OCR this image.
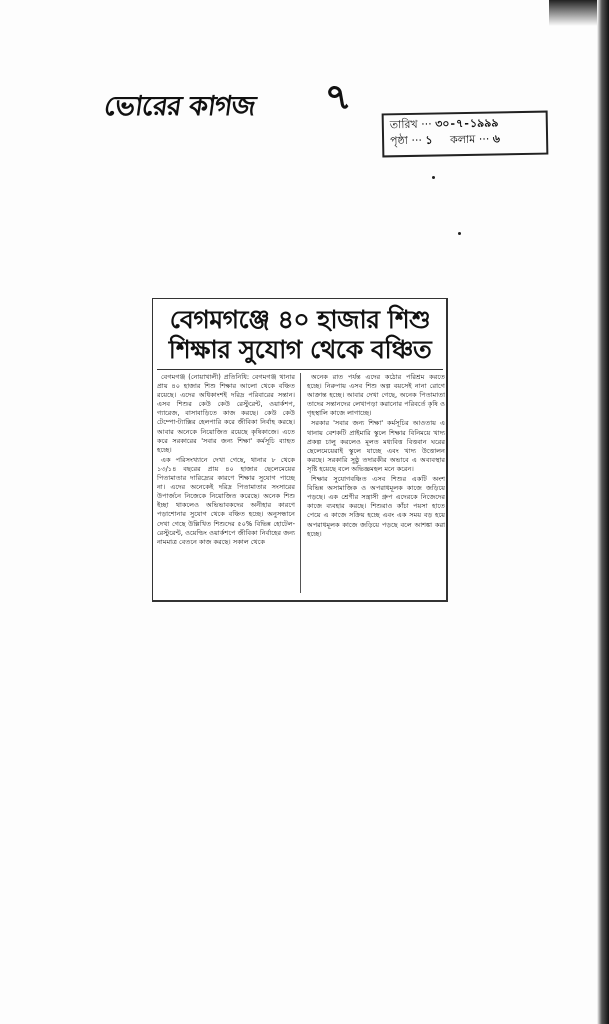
ভোরের কাগজ ৭
তারিখ ··· ৩০-৭-১৯৯৯
পৃষ্ঠা ··· ১ কলাম ··· ৬
বেগমগঞ্জে ৪০ হাজার শিশু
শিক্ষার সুযোগ থেকে বঞ্চিত

বেগমগঞ্জ (নোয়াখালী) প্রতিনিধি: বেগমগঞ্জ থানার প্রায় ৪০ হাজার শিশু শিক্ষার আলো থেকে বঞ্চিত রয়েছে। এদের অধিকাংশই দরিদ্র পরিবারের সন্তান। এসব শিশুর কেউ কেউ রেস্টুরেন্ট, ওয়ার্কশপ, গ্যারেজ, বাসাবাড়িতে কাজ করছে। কেউ কেউ টেম্পো-ট্যাক্সির হেলপারি করে জীবিকা নির্বাহ করছে। আবার অনেকে নিয়োজিত রয়েছে কৃষিকাজে। এতে করে সরকারের 'সবার জন্য শিক্ষা' কর্মসূচি ব্যাহত হচ্ছে।

এক পরিসংখ্যানে দেখা গেছে, থানার ৮ থেকে ১৩/১৪ বছরের প্রায় ৪০ হাজার ছেলেমেয়ের পিতামাতার দারিদ্র্যের কারণে শিক্ষার সুযোগ পাচ্ছে না। এদের অনেকেই দরিদ্র পিতামাতার সংসারের উপার্জনে নিজেকে নিয়োজিত করেছে। অনেক শিশু ইচ্ছা থাকলেও অভিভাবকদের অনীহার কারণে পড়াশোনার সুযোগ থেকে বঞ্চিত হচ্ছে। অনুসন্ধানে দেখা গেছে উল্লিখিত শিশুদের ৫০% বিভিন্ন হোটেল-রেস্টুরেন্ট, ওয়েল্ডিং ওয়ার্কশপে জীবিকা নির্বাহের জন্য নামমাত্র বেতনে কাজ করছে। সকাল থেকে

অনেক রাত পর্যন্ত এদের কঠোর পরিশ্রম করতে হচ্ছে। নিরুপায় এসব শিশু অল্প বয়সেই নানা রোগে আক্রান্ত হচ্ছে। আবার দেখা গেছে, অনেক পিতামাতা তাদের সন্তানদের লেখাপড়া করানোর পরিবর্তে কৃষি ও গৃহস্থালি কাজে লাগাচ্ছে।

সরকার 'সবার জন্য শিক্ষা' কর্মসূচির আওতায় এ থানায় বেশকটি প্রাইমারি স্কুলে শিক্ষার বিনিময়ে খাদ্য প্রকল্প চালু করলেও মূলত মধ্যবিত্ত বিত্তবান ঘরের ছেলেমেয়েরাই স্কুলে যাচ্ছে এবং খাদ্য উত্তোলন করছে। সরকারি সুষ্ঠু তদারকীর অভাবে এ অব্যবস্থার সৃষ্টি হয়েছে বলে অভিজ্ঞমহল মনে করেন।

শিক্ষার সুযোগবঞ্চিত এসব শিশুর একটি অংশ বিভিন্ন অসামাজিক ও অপরাধমূলক কাজে জড়িয়ে পড়ছে। এক শ্রেণীর সন্ত্রাসী গ্রুপ এদেরকে নিজেদের কাজে ব্যবহার করছে। শিশুরাও কাঁচা পয়সা হাতে পেয়ে এ কাজে সক্রিয় হচ্ছে এবং এক সময় বড় হয়ে অপরাধমূলক কাজে জড়িয়ে পড়ছে বলে আশঙ্কা করা হচ্ছে।
